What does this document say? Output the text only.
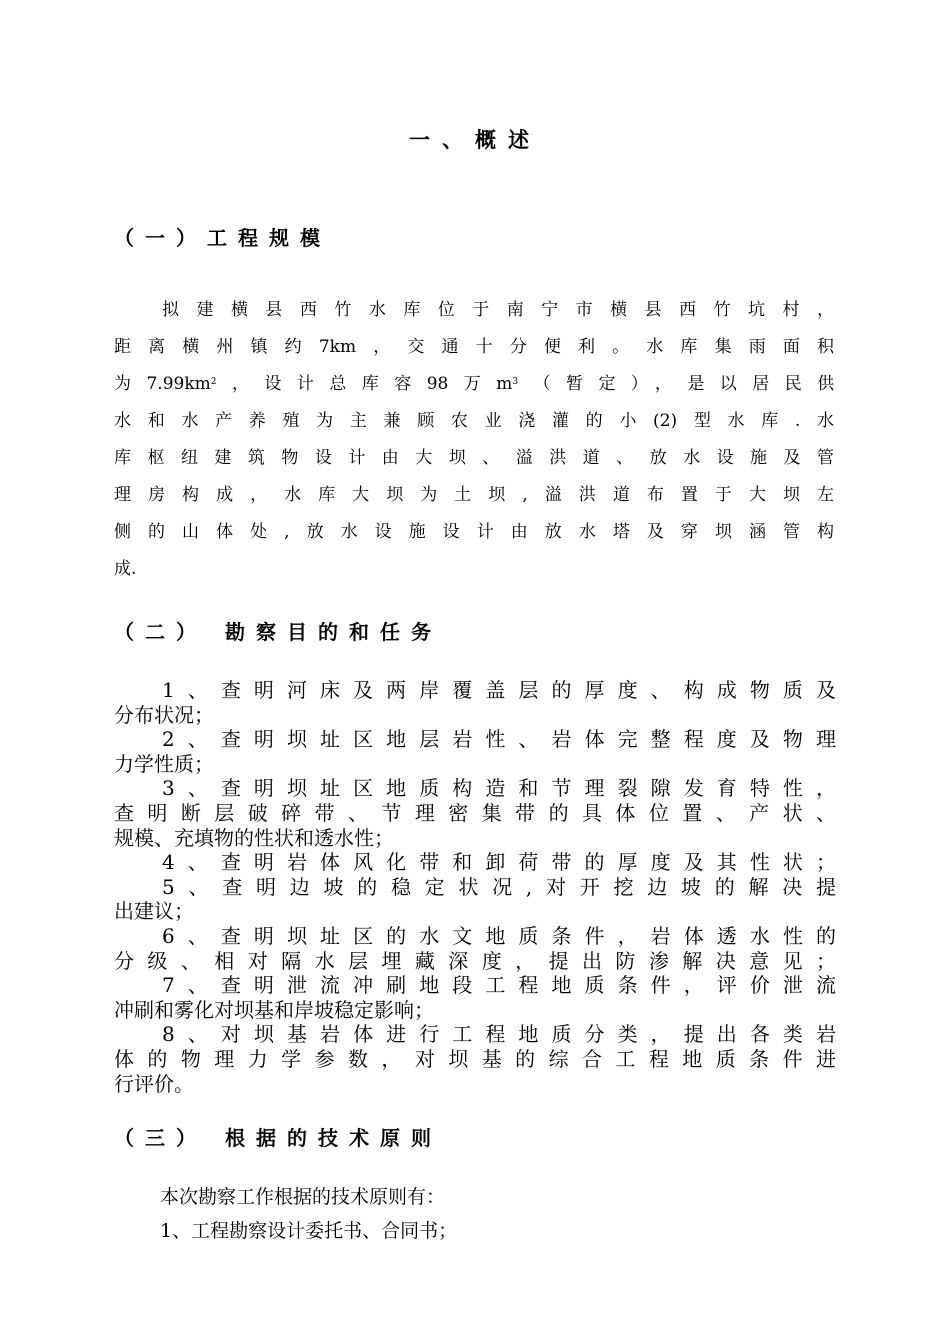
一、概述
（一）工程规模
拟建横县西竹水库位于南宁市横县西竹坑村，
距离横州镇约7km，交通十分便利。水库集雨面积
为$7.99km^2$，设计总库容98万$m^3$（暂定），是以居民供
水和水产养殖为主兼顾农业浇灌的小(2)型水库.水
库枢纽建筑物设计由大坝、溢洪道、放水设施及管
理房构成，水库大坝为土坝,溢洪道布置于大坝左
侧的山体处,放水设施设计由放水塔及穿坝涵管构
成.
（二） 勘察目的和任务
1、查明河床及两岸覆盖层的厚度、构成物质及
分布状况；
2、查明坝址区地层岩性、岩体完整程度及物理
力学性质；
3、查明坝址区地质构造和节理裂隙发育特性，
查明断层破碎带、节理密集带的具体位置、产状、
规模、充填物的性状和透水性；
4、查明岩体风化带和卸荷带的厚度及其性状；
5、查明边坡的稳定状况,对开挖边坡的解决提
出建议；
6、查明坝址区的水文地质条件，岩体透水性的
分级、相对隔水层埋藏深度，提出防渗解决意见；
7、查明泄流冲刷地段工程地质条件，评价泄流
冲刷和雾化对坝基和岸坡稳定影响；
8、对坝基岩体进行工程地质分类，提出各类岩
体的物理力学参数，对坝基的综合工程地质条件进
行评价。
（三） 根据的技术原则

本次勘察工作根据的技术原则有：

1、工程勘察设计委托书、合同书；
